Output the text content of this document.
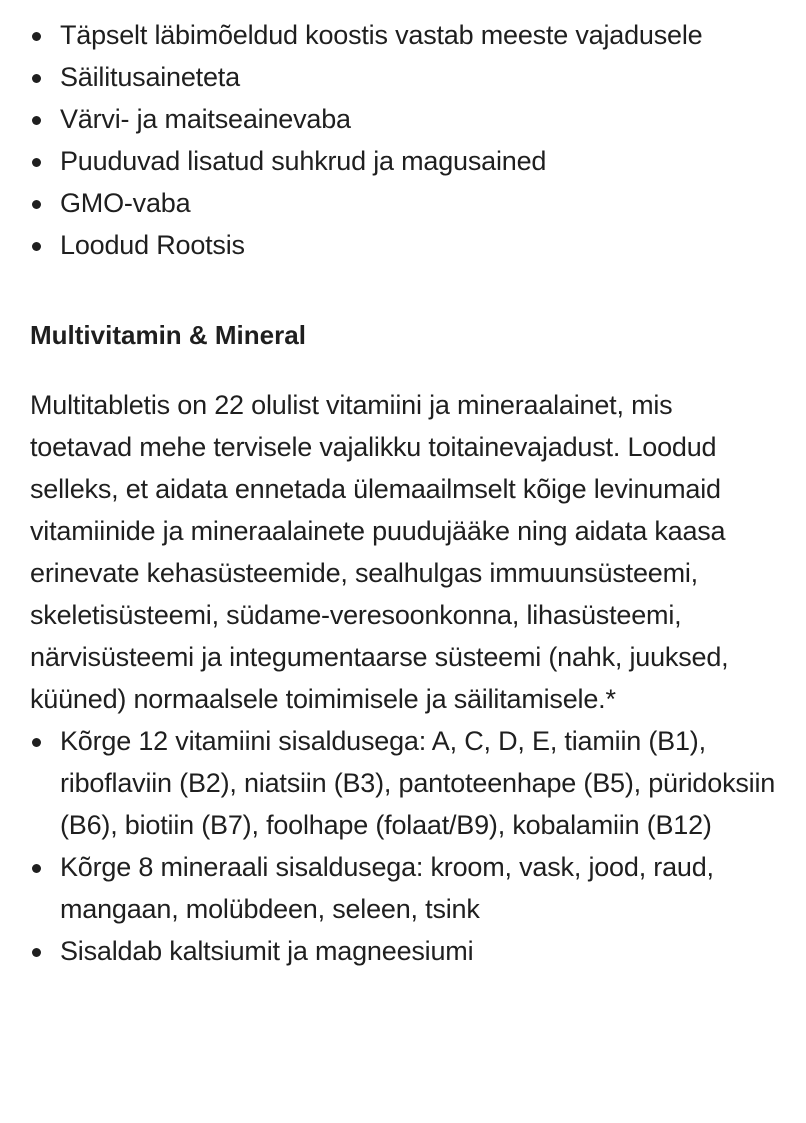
Täpselt läbimõeldud koostis vastab meeste vajadusele
Säilitusaineteta
Värvi- ja maitseainevaba
Puuduvad lisatud suhkrud ja magusained
GMO-vaba
Loodud Rootsis
Multivitamin & Mineral

Multitabletis on 22 olulist vitamiini ja mineraalainet, mis toetavad mehe tervisele vajalikku toitainevajadust. Loodud selleks, et aidata ennetada ülemaailmselt kõige levinumaid vitamiinide ja mineraalainete puudujääke ning aidata kaasa erinevate kehasüsteemide, sealhulgas immuunsüsteemi, skeletisüsteemi, südame-veresoonkonna, lihasüsteemi, närvisüsteemi ja integumentaarse süsteemi (nahk, juuksed, küüned) normaalsele toimimisele ja säilitamisele.*

Kõrge 12 vitamiini sisaldusega: A, C, D, E, tiamiin (B1), riboflaviin (B2), niatsiin (B3), pantoteenhape (B5), püridoksiin (B6), biotiin (B7), foolhape (folaat/B9), kobalamiin (B12)
Kõrge 8 mineraali sisaldusega: kroom, vask, jood, raud, mangaan, molübdeen, seleen, tsink
Sisaldab kaltsiumit ja magneesiumi
